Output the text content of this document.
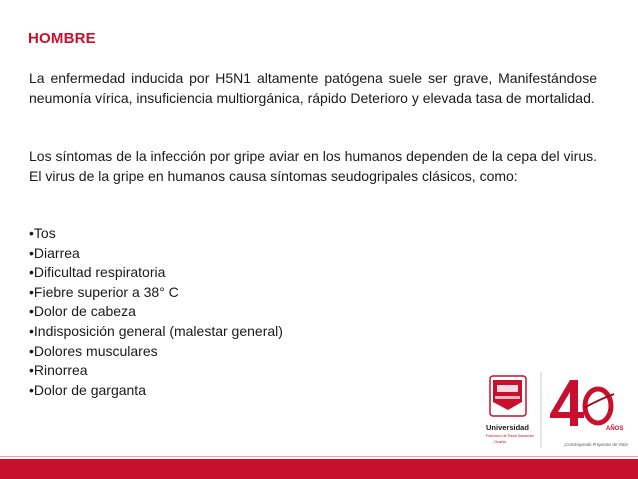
HOMBRE

La enfermedad inducida por H5N1 altamente patógena suele ser grave, Manifestándose neumonía vírica, insuficiencia multiorgánica, rápido Deterioro y elevada tasa de mortalidad.

Los síntomas de la infección por gripe aviar en los humanos dependen de la cepa del virus. El virus de la gripe en humanos causa síntomas seudogripales clásicos, como:

• Tos
• Diarrea
• Dificultad respiratoria
• Fiebre superior a 38° C
• Dolor de cabeza
• Indisposición general (malestar general)
• Dolores musculares
• Rinorrea
• Dolor de garganta
Universidad
Francisco de Paula Santander
Ocaña
AÑOS
¡Construyendo Proyectos de Vida!
